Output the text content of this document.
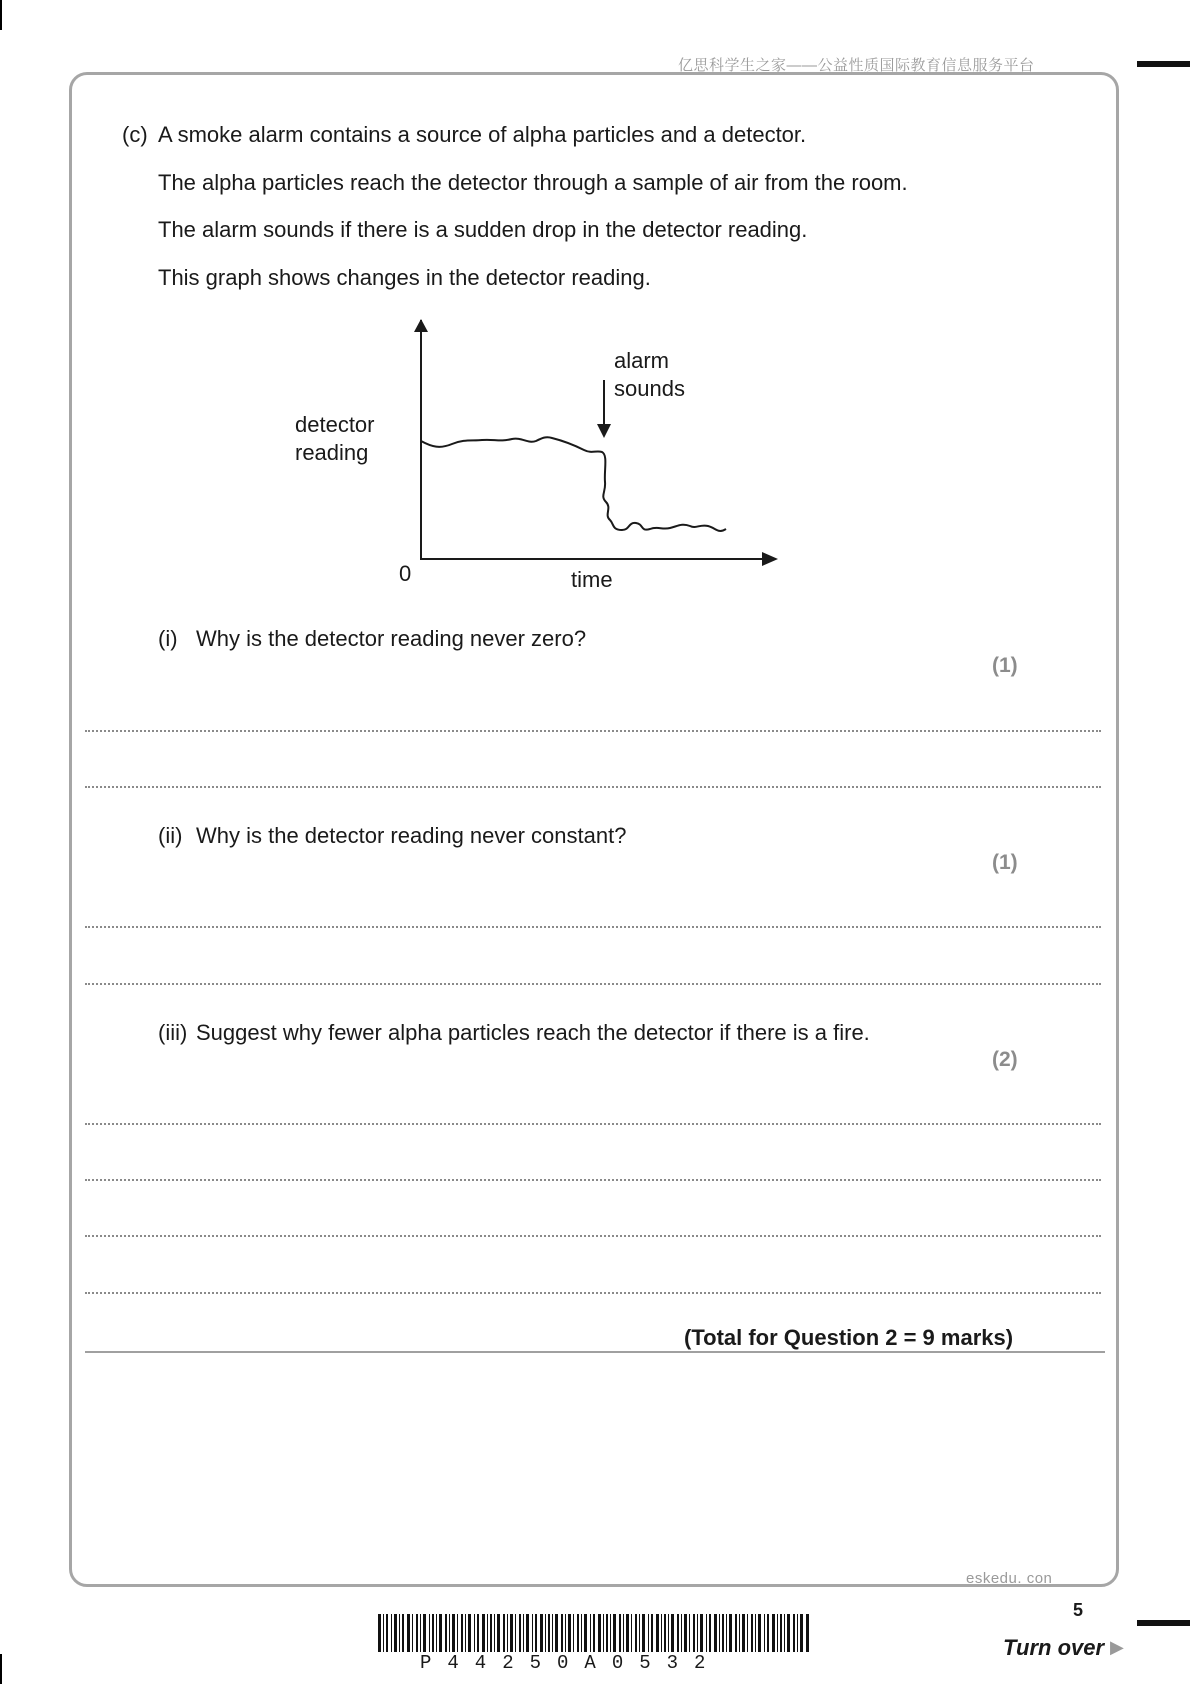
亿思科学生之家——公益性质国际教育信息服务平台
(c) A smoke alarm contains a source of alpha particles and a detector.
The alpha particles reach the detector through a sample of air from the room.
The alarm sounds if there is a sudden drop in the detector reading.
This graph shows changes in the detector reading.
detector
reading
alarm
sounds
0	time
(i) Why is the detector reading never zero?
(1)
(ii) Why is the detector reading never constant?
(1)
(iii) Suggest why fewer alpha particles reach the detector if there is a fire.
(2)
(Total for Question 2 = 9 marks)
eskedu. con
5
Turn over ▶
P44250A0532
